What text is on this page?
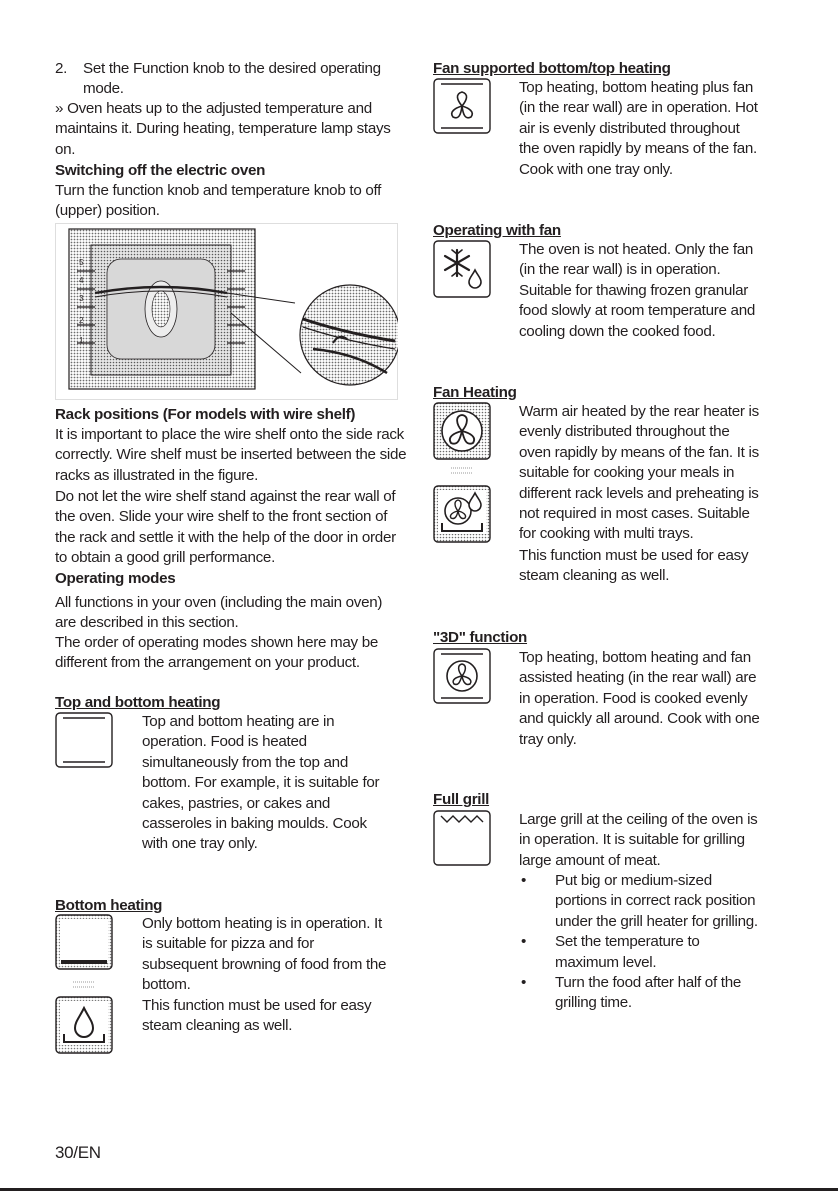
2.	Set the Function knob to the desired operating
mode.

» Oven heats up to the adjusted temperature and maintains it. During heating, temperature lamp stays on.

Switching off the electric oven

Turn the function knob and temperature knob to off (upper) position.

5
4
3
2
1

Rack positions (For models with wire shelf)

It is important to place the wire shelf onto the side rack correctly. Wire shelf must be inserted between the side racks as illustrated in the figure.

Do not let the wire shelf stand against the rear wall of the oven. Slide your wire shelf to the front section of the rack and settle it with the help of the door in order to obtain a good grill performance.

Operating modes

All functions in your oven (including the main oven) are described in this section.

The order of operating modes shown here may be different from the arrangement on your product.

Top and bottom heating

Top and bottom heating are in operation. Food is heated simultaneously from the top and bottom. For example, it is suitable for cakes, pastries, or cakes and casseroles in baking moulds. Cook with one tray only.

Bottom heating

Only bottom heating is in operation. It is suitable for pizza and for subsequent browning of food from the bottom.

This function must be used for easy steam cleaning as well.

Fan supported bottom/top heating

Top heating, bottom heating plus fan (in the rear wall) are in operation. Hot air is evenly distributed throughout the oven rapidly by means of the fan. Cook with one tray only.

Operating with fan

The oven is not heated. Only the fan (in the rear wall) is in operation. Suitable for thawing frozen granular food slowly at room temperature and cooling down the cooked food.

Fan Heating

Warm air heated by the rear heater is evenly distributed throughout the oven rapidly by means of the fan. It is suitable for cooking your meals in different rack levels and preheating is not required in most cases. Suitable for cooking with multi trays.

This function must be used for easy steam cleaning as well.

"3D" function

Top heating, bottom heating and fan assisted heating (in the rear wall) are in operation. Food is cooked evenly and quickly all around. Cook with one tray only.

Full grill

Large grill at the ceiling of the oven is in operation. It is suitable for grilling large amount of meat.

• Put big or medium-sized portions in correct rack position under the grill heater for grilling.
• Set the temperature to maximum level.
• Turn the food after half of the grilling time.

30/EN
